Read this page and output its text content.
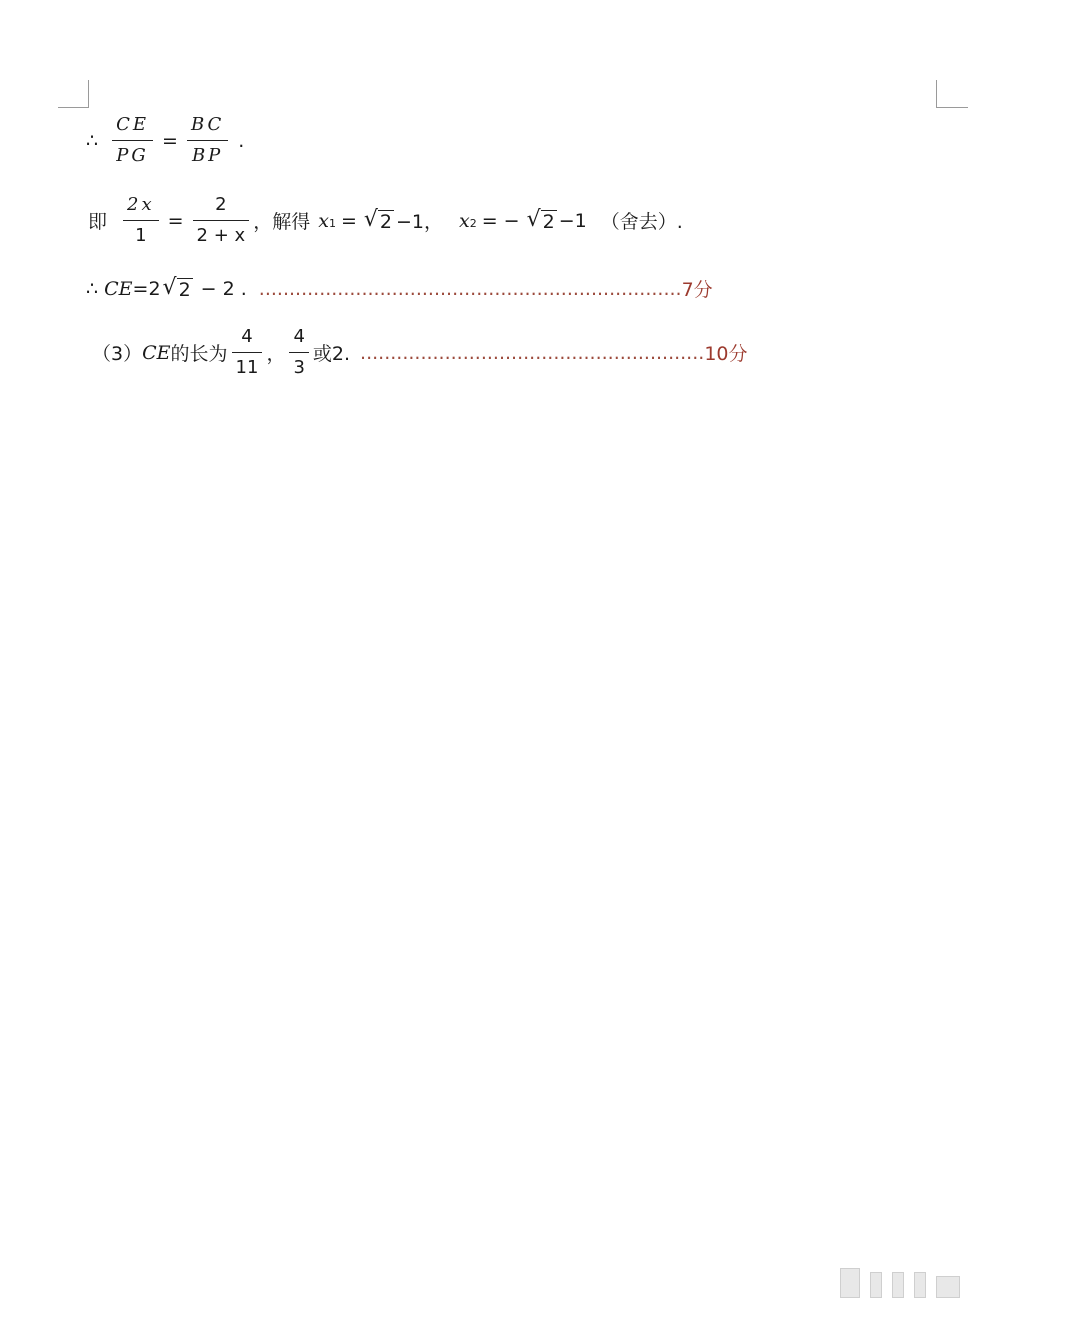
∴ $\frac{CE}{PG} = \frac{BC}{BP}$ .
即 $\frac{2x}{1} = \frac{2}{2 + x}$ ， 解得 $x_1$ = √ 2 −1， $x_2$ = − √ 2 −1 （舍去）.
∴ CE = 2 √ 2 − 2 . ...................................................................... 7分
（3） CE 的长为 $\frac{4}{11}$ ， $\frac{4}{3}$ 或2. ......................................................... 10分
